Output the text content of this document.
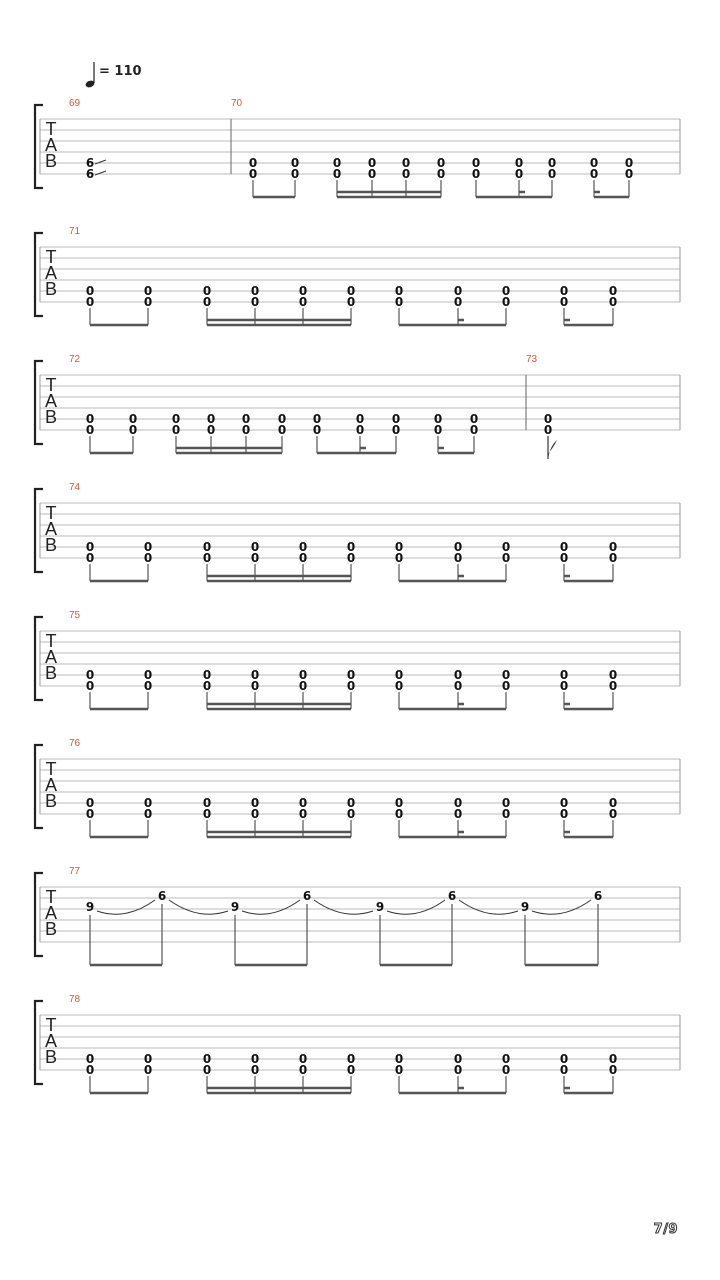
= 110
T
A
B
69
6
6
70
0
0
0
0
0
0
0
0
0
0
0
0
0
0
0
0
0
0
0
0
0
0
T
A
B
71
0
0
0
0
0
0
0
0
0
0
0
0
0
0
0
0
0
0
0
0
0
0
T
A
B
72
0
0
0
0
0
0
0
0
0
0
0
0
0
0
0
0
0
0
0
0
0
0
73
0
0
T
A
B
74
0
0
0
0
0
0
0
0
0
0
0
0
0
0
0
0
0
0
0
0
0
0
T
A
B
75
0
0
0
0
0
0
0
0
0
0
0
0
0
0
0
0
0
0
0
0
0
0
T
A
B
76
0
0
0
0
0
0
0
0
0
0
0
0
0
0
0
0
0
0
0
0
0
0
T
A
B
77
9
6
9
6
9
6
9
6
T
A
B
78
0
0
0
0
0
0
0
0
0
0
0
0
0
0
0
0
0
0
0
0
0
0
7/9
